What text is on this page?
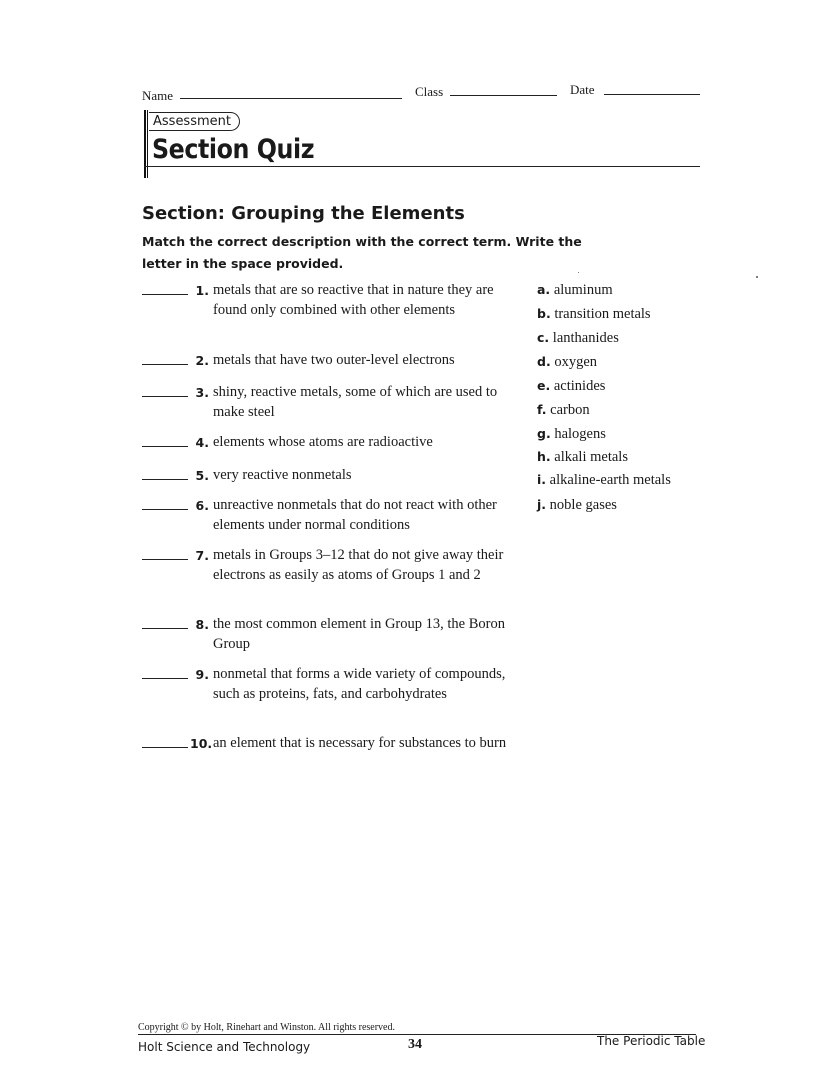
Name	Class	Date
Assessment
Section Quiz
Section: Grouping the Elements
Match the correct description with the correct term. Write the letter in the space provided.
1. metals that are so reactive that in nature they are found only combined with other elements
2. metals that have two outer-level electrons
3. shiny, reactive metals, some of which are used to make steel
4. elements whose atoms are radioactive
5. very reactive nonmetals
6. unreactive nonmetals that do not react with other elements under normal conditions
7. metals in Groups 3–12 that do not give away their electrons as easily as atoms of Groups 1 and 2
8. the most common element in Group 13, the Boron Group
9. nonmetal that forms a wide variety of compounds, such as proteins, fats, and carbohydrates
10. an element that is necessary for substances to burn
a. aluminum
b. transition metals
c. lanthanides
d. oxygen
e. actinides
f. carbon
g. halogens
h. alkali metals
i. alkaline-earth metals
j. noble gases
Copyright © by Holt, Rinehart and Winston. All rights reserved.
Holt Science and Technology	34	The Periodic Table
